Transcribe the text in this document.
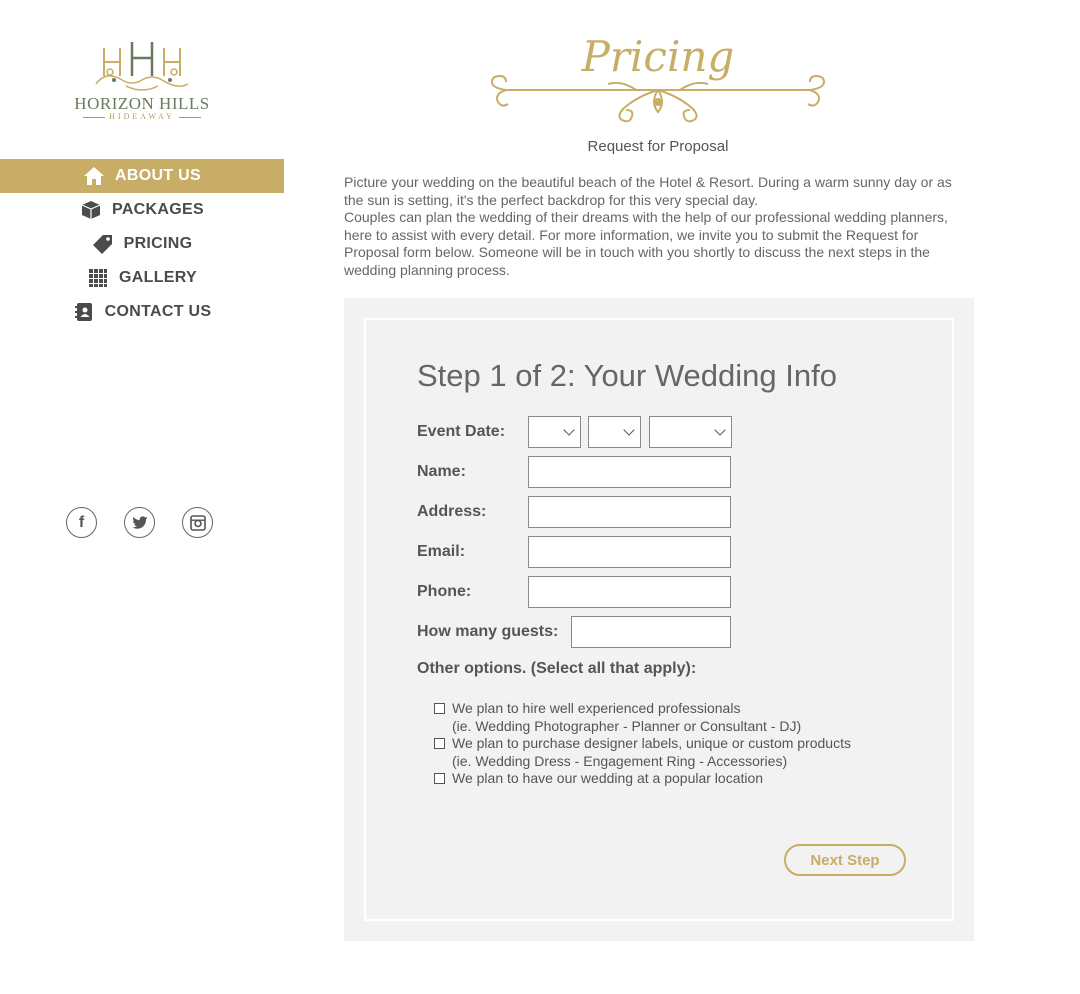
HORIZON HILLS
HIDEAWAY
ABOUT US
PACKAGES
PRICING
GALLERY
CONTACT US
f
Pricing
Request for Proposal

Picture your wedding on the beautiful beach of the Hotel & Resort. During a warm sunny day or as the sun is setting, it's the perfect backdrop for this very special day.

Couples can plan the wedding of their dreams with the help of our professional wedding planners, here to assist with every detail. For more information, we invite you to submit the Request for Proposal form below. Someone will be in touch with you shortly to discuss the next steps in the wedding planning process.

Step 1 of 2: Your Wedding Info
Event Date:
Name:
Address:
Email:
Phone:
How many guests:
Other options. (Select all that apply):
We plan to hire well experienced professionals
(ie. Wedding Photographer - Planner or Consultant - DJ)
We plan to purchase designer labels, unique or custom products
(ie. Wedding Dress - Engagement Ring - Accessories)
We plan to have our wedding at a popular location
Next Step
